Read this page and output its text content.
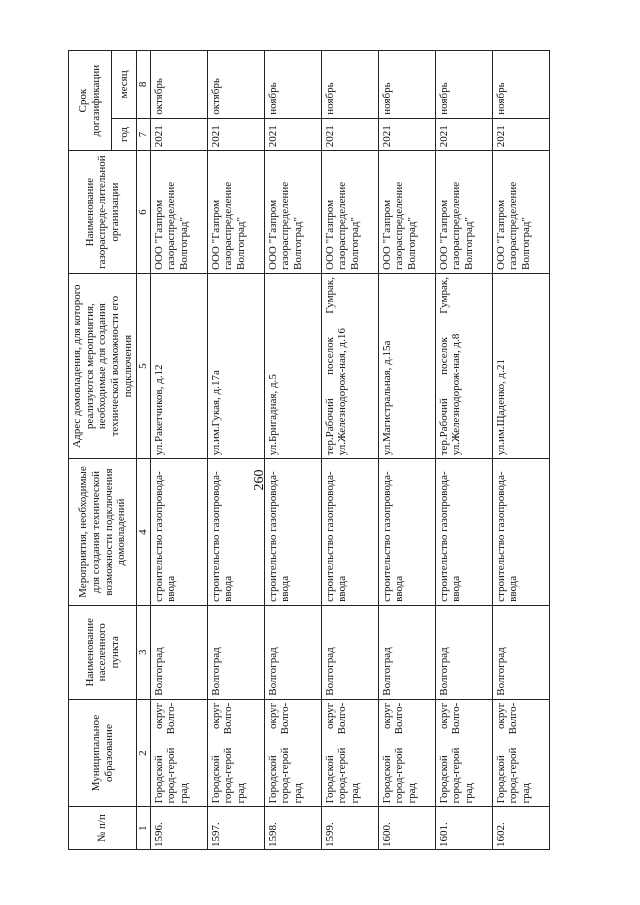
260
№ п/п	Муниципальное образование	Наименование населенного пункта	Мероприятия, необходимые для создания технической возможности подключения домовладений	Адрес домовладения, для которого реализуются мероприятия, необходимые для создания технической возможности его подключения	Наименование газораспреде-лительной организации	Срок догазификации	
						год	месяц
1	2	3	4	5	6	7	8
1596.	Городской округ город-герой Волго-град	Волгоград	строительство газопровода-ввода	ул.Ракетчиков, д.12	ООО "Газпром газораспределение Волгоград"	2021	октябрь
1597.	Городской округ город-герой Волго-град	Волгоград	строительство газопровода-ввода	ул.им.Гукая, д.17а	ООО "Газпром газораспределение Волгоград"	2021	октябрь
1598.	Городской округ город-герой Волго-град	Волгоград	строительство газопровода-ввода	ул.Бригадная, д.5	ООО "Газпром газораспределение Волгоград"	2021	ноябрь
1599.	Городской округ город-герой Волго-град	Волгоград	строительство газопровода-ввода	тер.Рабочий поселок Гумрак, ул.Железнодорож-ная, д.16	ООО "Газпром газораспределение Волгоград"	2021	ноябрь
1600.	Городской округ город-герой Волго-град	Волгоград	строительство газопровода-ввода	ул.Магистральная, д.15а	ООО "Газпром газораспределение Волгоград"	2021	ноябрь
1601.	Городской округ город-герой Волго-град	Волгоград	строительство газопровода-ввода	тер.Рабочий поселок Гумрак, ул.Железнодорож-ная, д.8	ООО "Газпром газораспределение Волгоград"	2021	ноябрь
1602.	Городской округ город-герой Волго-град	Волгоград	строительство газопровода-ввода	ул.им.Щаденко, д.21	ООО "Газпром газораспределение Волгоград"	2021	ноябрь
